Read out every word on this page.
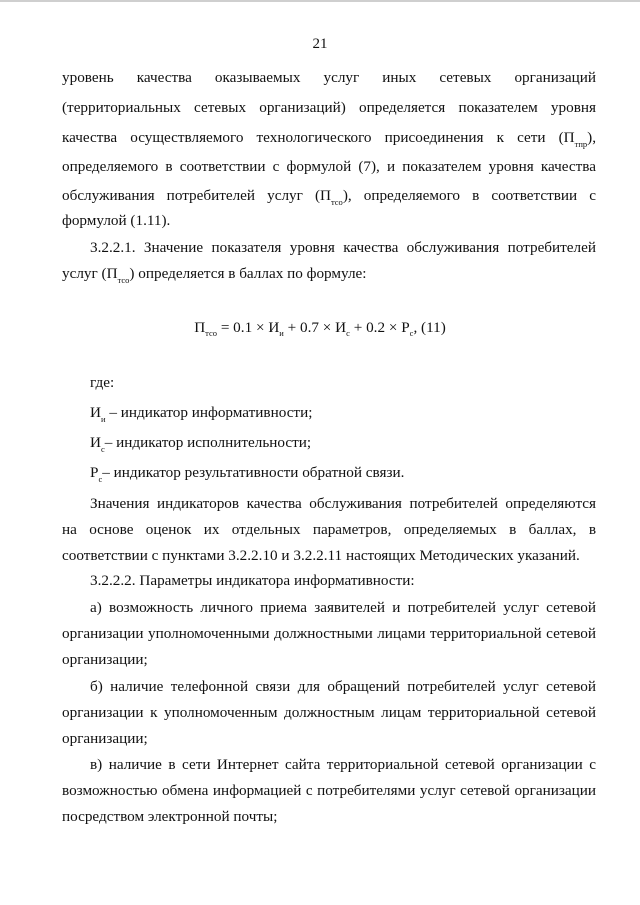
21
уровень качества оказываемых услуг иных сетевых организаций
(территориальных сетевых организаций) определяется показателем уровня
качества осуществляемого технологического присоединения к сети $(П_{тпр})$,
определяемого в соответствии с формулой (7), и показателем уровня качества
обслуживания потребителей услуг $(П_{тсо})$, определяемого в соответствии с
формулой (1.11).
3.2.2.1. Значение показателя уровня качества обслуживания потребителей
услуг $(П_{тсо})$ определяется в баллах по формуле:
$П_{тсо} = 0.1 \times И_и + 0.7 \times И_с + 0.2 \times Р_с$, (11)
где:
$И_и$ – индикатор информативности;
$И_с-$ индикатор исполнительности;
$Р_с-$ индикатор результативности обратной связи.
Значения индикаторов качества обслуживания потребителей определяются
на основе оценок их отдельных параметров, определяемых в баллах, в
соответствии с пунктами 3.2.2.10 и 3.2.2.11 настоящих Методических указаний.
3.2.2.2. Параметры индикатора информативности:
а) возможность личного приема заявителей и потребителей услуг сетевой
организации уполномоченными должностными лицами территориальной сетевой
организации;
б) наличие телефонной связи для обращений потребителей услуг сетевой
организации к уполномоченным должностным лицам территориальной сетевой
организации;
в) наличие в сети Интернет сайта территориальной сетевой организации с
возможностью обмена информацией с потребителями услуг сетевой организации
посредством электронной почты;
